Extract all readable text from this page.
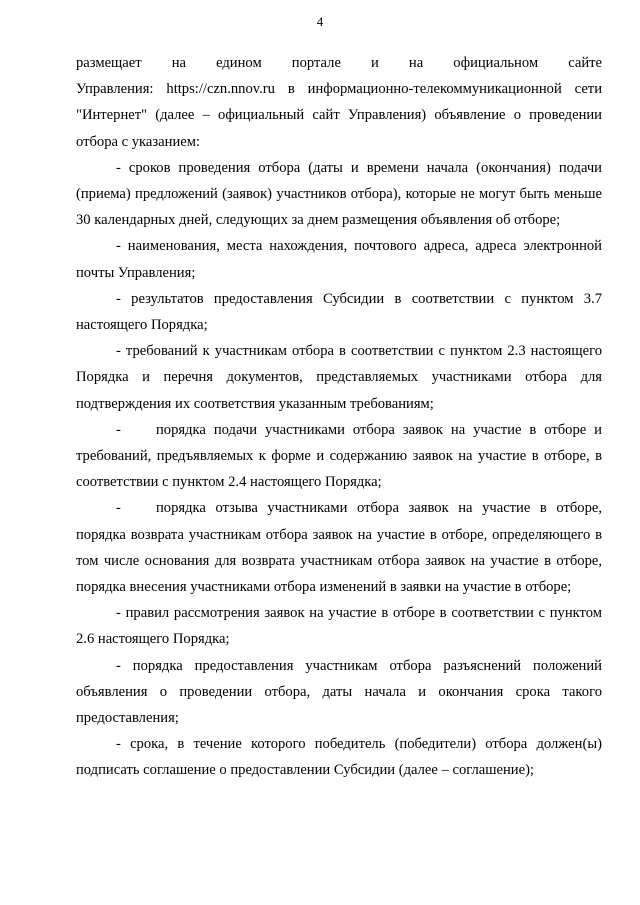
4
размещает на едином портале и на официальном сайте

Управления: https://czn.nnov.ru в информационно-телекоммуникационной сети "Интернет" (далее – официальный сайт Управления) объявление о проведении отбора с указанием:

- сроков проведения отбора (даты и времени начала (окончания) подачи (приема) предложений (заявок) участников отбора), которые не могут быть меньше 30 календарных дней, следующих за днем размещения объявления об отборе;

- наименования, места нахождения, почтового адреса, адреса электронной почты Управления;

- результатов предоставления Субсидии в соответствии с пунктом 3.7 настоящего Порядка;

- требований к участникам отбора в соответствии с пунктом 2.3 настоящего Порядка и перечня документов, представляемых участниками отбора для подтверждения их соответствия указанным требованиям;

- порядка подачи участниками отбора заявок на участие в отборе и требований, предъявляемых к форме и содержанию заявок на участие в отборе, в соответствии с пунктом 2.4 настоящего Порядка;

- порядка отзыва участниками отбора заявок на участие в отборе, порядка возврата участникам отбора заявок на участие в отборе, определяющего в том числе основания для возврата участникам отбора заявок на участие в отборе, порядка внесения участниками отбора изменений в заявки на участие в отборе;

- правил рассмотрения заявок на участие в отборе в соответствии с пунктом 2.6 настоящего Порядка;

- порядка предоставления участникам отбора разъяснений положений объявления о проведении отбора, даты начала и окончания срока такого предоставления;

- срока, в течение которого победитель (победители) отбора должен(ы) подписать соглашение о предоставлении Субсидии (далее – соглашение);
